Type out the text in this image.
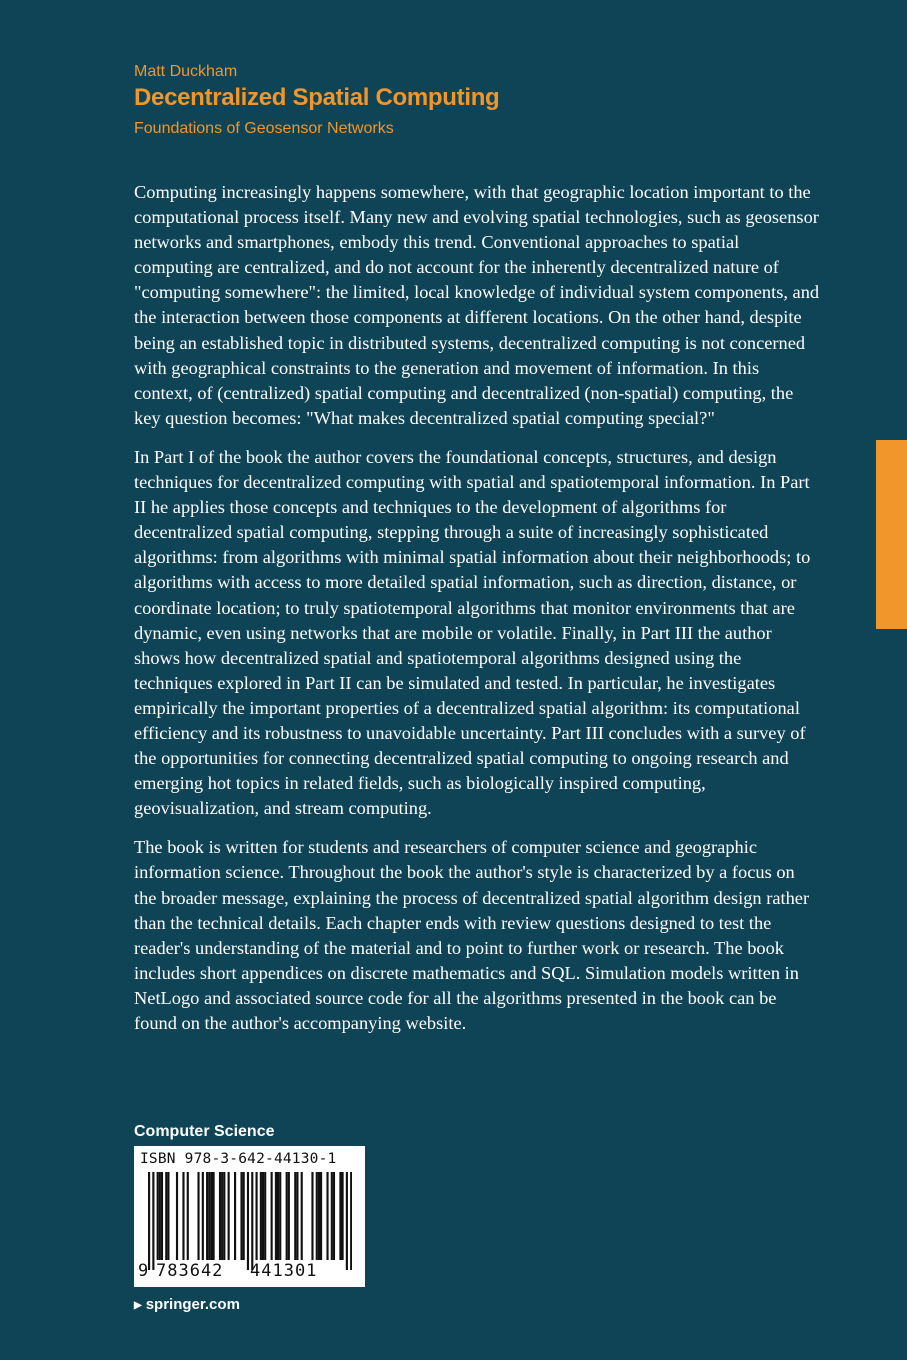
Matt Duckham
Decentralized Spatial Computing
Foundations of Geosensor Networks

Computing increasingly happens somewhere, with that geographic location important to the computational process itself. Many new and evolving spatial technologies, such as geosensor networks and smartphones, embody this trend. Conventional approaches to spatial computing are centralized, and do not account for the inherently decentralized nature of "computing somewhere": the limited, local knowledge of individual system components, and the interaction between those components at different locations. On the other hand, despite being an established topic in distributed systems, decentralized computing is not concerned with geographical constraints to the generation and movement of information. In this context, of (centralized) spatial computing and decentralized (non-spatial) computing, the key question becomes: "What makes decentralized spatial computing special?"

In Part I of the book the author covers the foundational concepts, structures, and design techniques for decentralized computing with spatial and spatiotemporal information. In Part II he applies those concepts and techniques to the development of algorithms for decentralized spatial computing, stepping through a suite of increasingly sophisticated algorithms: from algorithms with minimal spatial information about their neighborhoods; to algorithms with access to more detailed spatial information, such as direction, distance, or coordinate location; to truly spatiotemporal algorithms that monitor environments that are dynamic, even using networks that are mobile or volatile. Finally, in Part III the author shows how decentralized spatial and spatiotemporal algorithms designed using the techniques explored in Part II can be simulated and tested. In particular, he investigates empirically the important properties of a decentralized spatial algorithm: its computational efficiency and its robustness to unavoidable uncertainty. Part III concludes with a survey of the opportunities for connecting decentralized spatial computing to ongoing research and emerging hot topics in related fields, such as biologically inspired computing, geovisualization, and stream computing.

The book is written for students and researchers of computer science and geographic information science. Throughout the book the author's style is characterized by a focus on the broader message, explaining the process of decentralized spatial algorithm design rather than the technical details. Each chapter ends with review questions designed to test the reader's understanding of the material and to point to further work or research. The book includes short appendices on discrete mathematics and SQL. Simulation models written in NetLogo and associated source code for all the algorithms presented in the book can be found on the author's accompanying website.

Computer Science
ISBN 978-3-642-44130-1
9 783642 441301
▶ springer.com
